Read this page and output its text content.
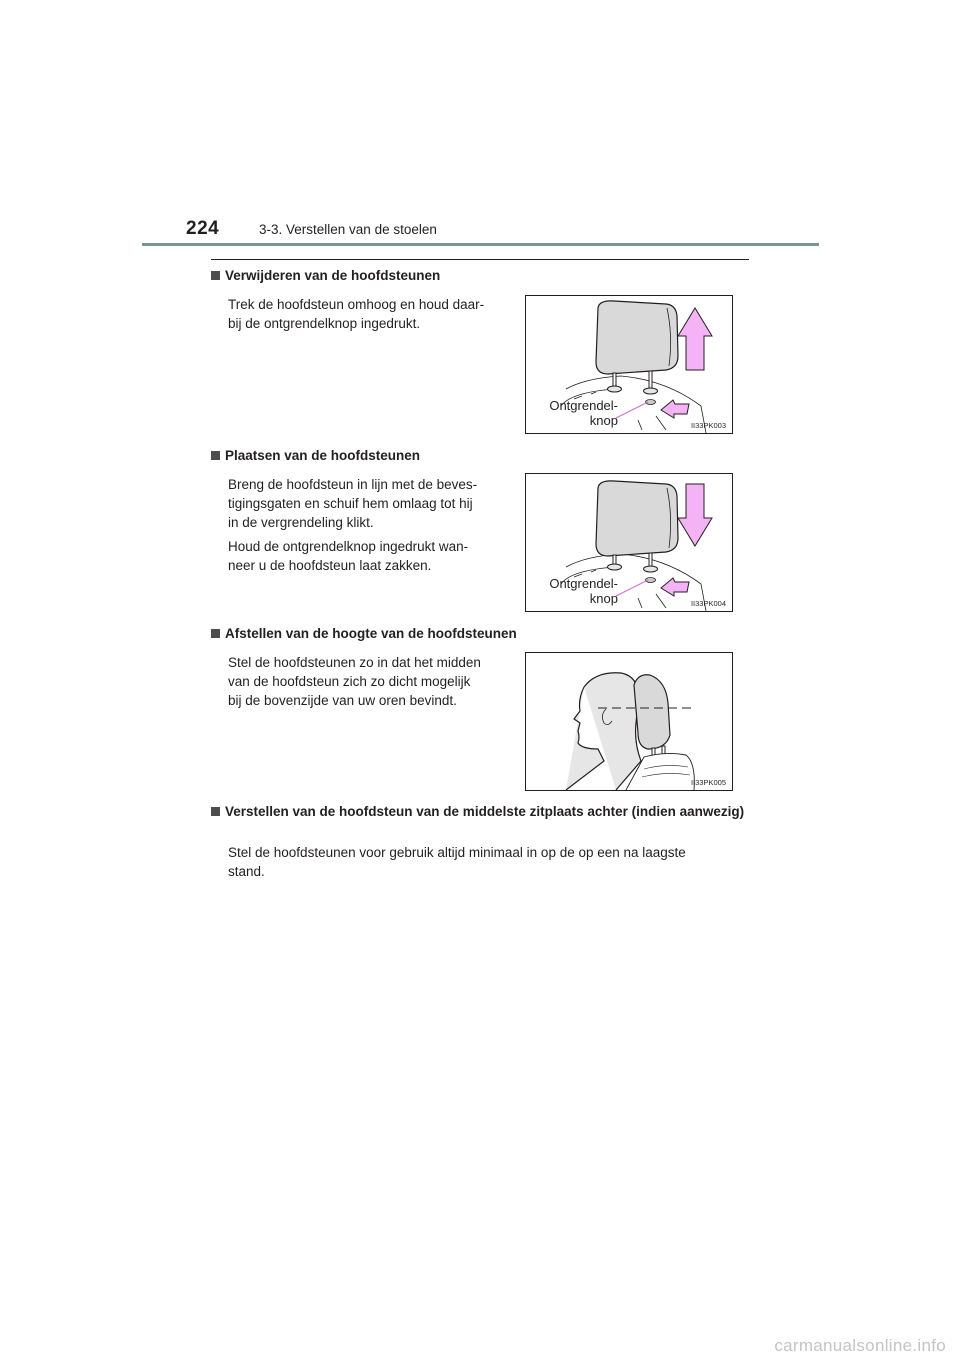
224	3-3. Verstellen van de stoelen
Verwijderen van de hoofdsteunen

Trek de hoofdsteun omhoog en houd daar-
bij de ontgrendelknop ingedrukt.

Ontgrendel-
knop	II33PK003
Plaatsen van de hoofdsteunen

Breng de hoofdsteun in lijn met de beves-
tigingsgaten en schuif hem omlaag tot hij
in de vergrendeling klikt.

Houd de ontgrendelknop ingedrukt wan-
neer u de hoofdsteun laat zakken.

Ontgrendel-
knop	II33PK004
Afstellen van de hoogte van de hoofdsteunen

Stel de hoofdsteunen zo in dat het midden
van de hoofdsteun zich zo dicht mogelijk
bij de bovenzijde van uw oren bevindt.

II33PK005
Verstellen van de hoofdsteun van de middelste zitplaats achter (indien aanwezig)

Stel de hoofdsteunen voor gebruik altijd minimaal in op de op een na laagste
stand.

carmanualsonline.info
